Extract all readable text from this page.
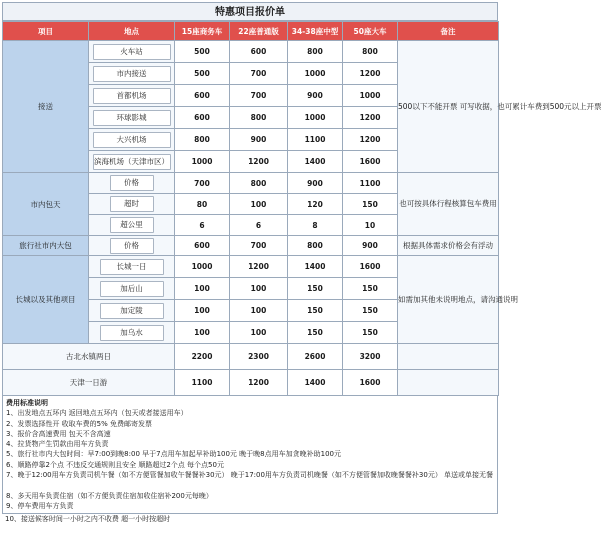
特惠项目报价单
项目	地点	15座商务车	22座普通版	34-38座中型	50座大车	备注
接送	火车站	500	600	800	800	500以下不能开票 可写收据，也可累计车费到500元以上开票
	市内接送	500	700	1000	1200	
	首都机场	600	700	900	1000	
	环球影城	600	800	1000	1200	
	大兴机场	800	900	1100	1200	
	滨海机场（天津市区）	1000	1200	1400	1600	
市内包天	价格	700	800	900	1100	也可按具体行程核算包车费用
	超时	80	100	120	150	
	超公里	6	6	8	10	
旅行社市内大包	价格	600	700	800	900	根据具体需求价格会有浮动
长城以及其他项目	长城一日	1000	1200	1400	1600	如需加其他未说明地点，请沟通说明
	加后山	100	100	150	150	
	加定陵	100	100	150	150	
	加乌水	100	100	150	150	
古北水镇两日		2200	2300	2600	3200	
天津一日游		1100	1200	1400	1600	
费用标准说明
1、出发地点五环内 返回地点五环内（包天或者接送用车）
2、发票选择性开 收取车费的5% 免费邮寄发票
3、报价含高速费用 包天不含高速
4、拉货物产生罚款由用车方负责
5、旅行社市内大包时间：早7:00到晚8:00 早于7点用车加起早补助100元 晚于晚8点用车加贪晚补助100元
6、顺路停靠2个点 不违反交通规则且安全 顺路超过2个点 每个点50元
7、晚于12:00用车方负责司机午餐（如不方便管餐加收午餐餐补30元） 晚于17:00用车方负责司机晚餐（如不方便管餐加收晚餐餐补30元） 单送或单接无餐
8、多天用车负责住宿（如不方便负责住宿加收住宿补200元每晚）
9、停车费用车方负责
10、接送候客时间一小时之内不收费 超一小时按超时
